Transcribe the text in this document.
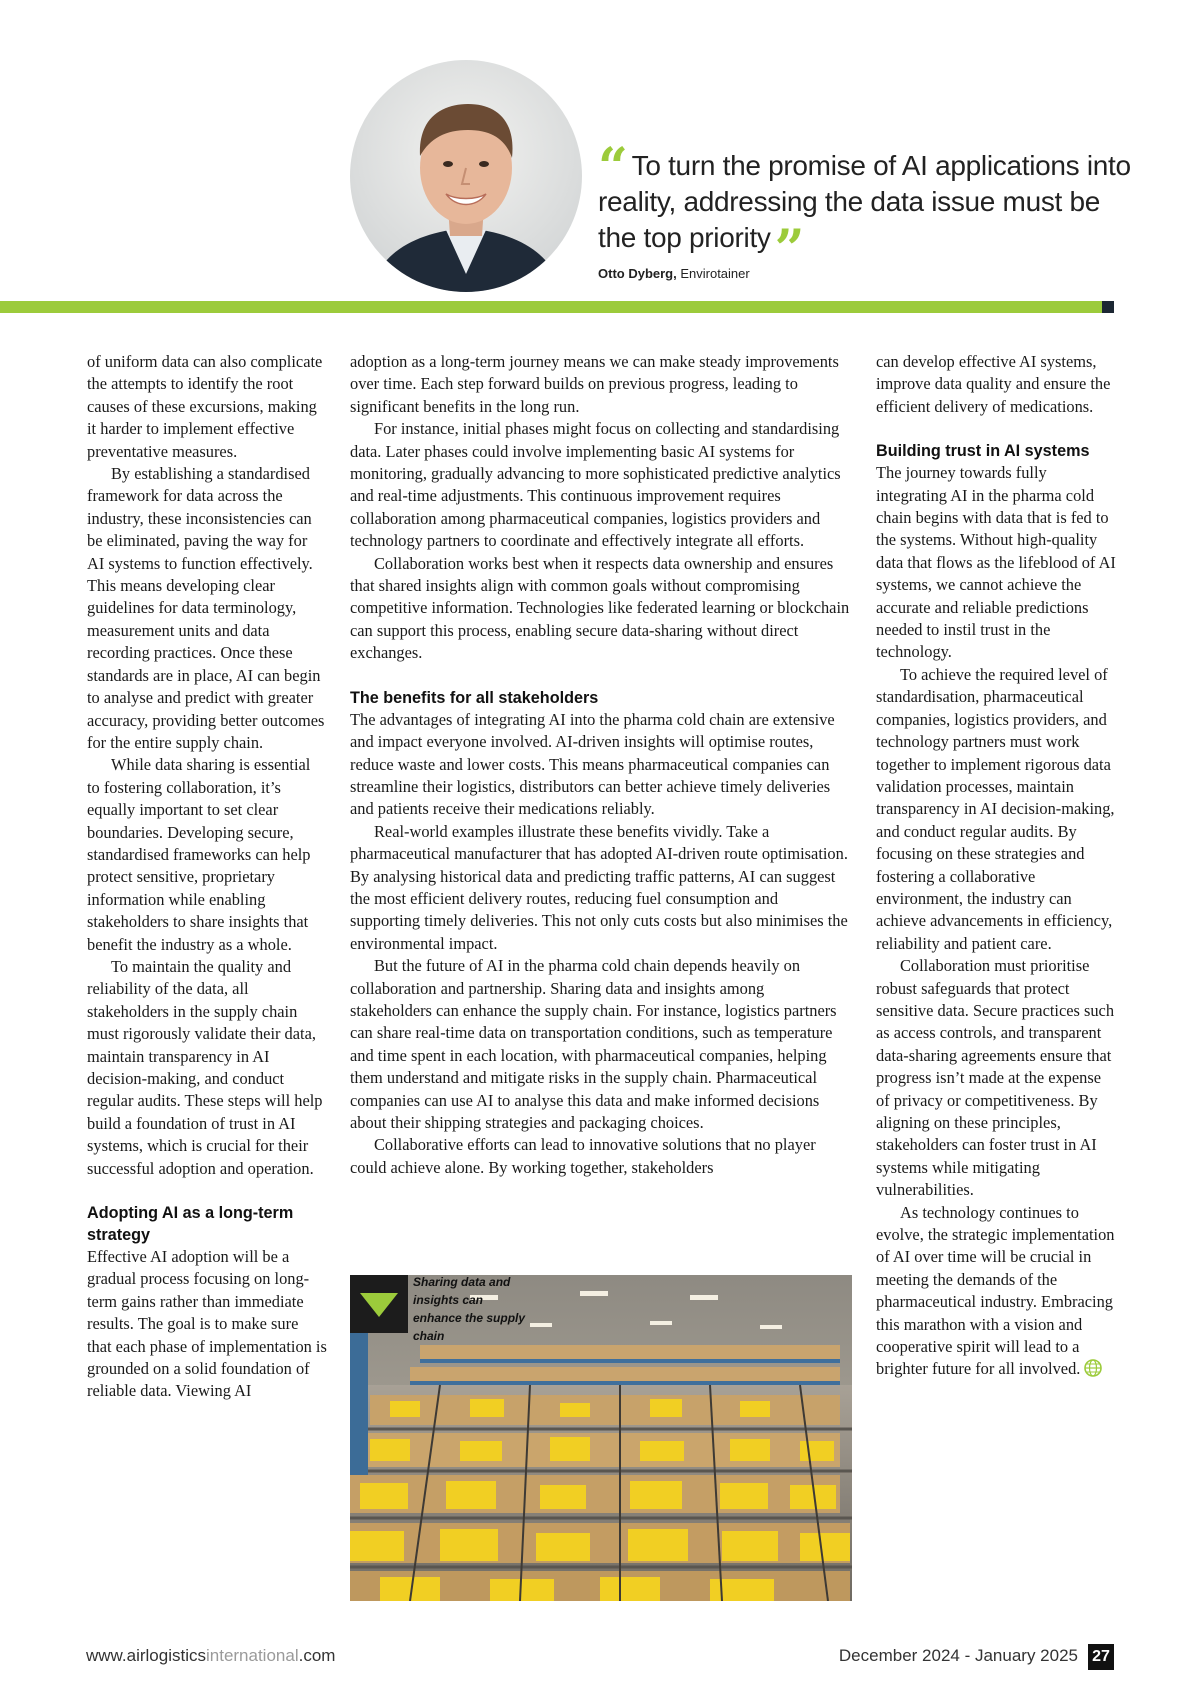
“ To turn the promise of AI applications into reality, addressing the data issue must be the top priority”
Otto Dyberg, Envirotainer

of uniform data can also complicate the attempts to identify the root causes of these excursions, making it harder to implement effective preventative measures.

By establishing a standardised framework for data across the industry, these inconsistencies can be eliminated, paving the way for AI systems to function effectively. This means developing clear guidelines for data terminology, measurement units and data recording practices. Once these standards are in place, AI can begin to analyse and predict with greater accuracy, providing better outcomes for the entire supply chain.

While data sharing is essential to fostering collaboration, it’s equally important to set clear boundaries. Developing secure, standardised frameworks can help protect sensitive, proprietary information while enabling stakeholders to share insights that benefit the industry as a whole.

To maintain the quality and reliability of the data, all stakeholders in the supply chain must rigorously validate their data, maintain transparency in AI decision-making, and conduct regular audits. These steps will help build a foundation of trust in AI systems, which is crucial for their successful adoption and operation.

Adopting AI as a long-term strategy

Effective AI adoption will be a gradual process focusing on long-term gains rather than immediate results. The goal is to make sure that each phase of implementation is grounded on a solid foundation of reliable data. Viewing AI

adoption as a long-term journey means we can make steady improvements over time. Each step forward builds on previous progress, leading to significant benefits in the long run.

For instance, initial phases might focus on collecting and standardising data. Later phases could involve implementing basic AI systems for monitoring, gradually advancing to more sophisticated predictive analytics and real-time adjustments. This continuous improvement requires collaboration among pharmaceutical companies, logistics providers and technology partners to coordinate and effectively integrate all efforts.

Collaboration works best when it respects data ownership and ensures that shared insights align with common goals without compromising competitive information. Technologies like federated learning or blockchain can support this process, enabling secure data-sharing without direct exchanges.

The benefits for all stakeholders

The advantages of integrating AI into the pharma cold chain are extensive and impact everyone involved. AI-driven insights will optimise routes, reduce waste and lower costs. This means pharmaceutical companies can streamline their logistics, distributors can better achieve timely deliveries and patients receive their medications reliably.

Real-world examples illustrate these benefits vividly. Take a pharmaceutical manufacturer that has adopted AI-driven route optimisation. By analysing historical data and predicting traffic patterns, AI can suggest the most efficient delivery routes, reducing fuel consumption and supporting timely deliveries. This not only cuts costs but also minimises the environmental impact.

But the future of AI in the pharma cold chain depends heavily on collaboration and partnership. Sharing data and insights among stakeholders can enhance the supply chain. For instance, logistics partners can share real-time data on transportation conditions, such as temperature and time spent in each location, with pharmaceutical companies, helping them understand and mitigate risks in the supply chain. Pharmaceutical companies can use AI to analyse this data and make informed decisions about their shipping strategies and packaging choices.

Collaborative efforts can lead to innovative solutions that no player could achieve alone. By working together, stakeholders

Sharing data and insights can enhance the supply chain

can develop effective AI systems, improve data quality and ensure the efficient delivery of medications.

Building trust in AI systems

The journey towards fully integrating AI in the pharma cold chain begins with data that is fed to the systems. Without high-quality data that flows as the lifeblood of AI systems, we cannot achieve the accurate and reliable predictions needed to instil trust in the technology.

To achieve the required level of standardisation, pharmaceutical companies, logistics providers, and technology partners must work together to implement rigorous data validation processes, maintain transparency in AI decision-making, and conduct regular audits. By focusing on these strategies and fostering a collaborative environment, the industry can achieve advancements in efficiency, reliability and patient care.

Collaboration must prioritise robust safeguards that protect sensitive data. Secure practices such as access controls, and transparent data-sharing agreements ensure that progress isn’t made at the expense of privacy or competitiveness. By aligning on these principles, stakeholders can foster trust in AI systems while mitigating vulnerabilities.

As technology continues to evolve, the strategic implementation of AI over time will be crucial in meeting the demands of the pharmaceutical industry. Embracing this marathon with a vision and cooperative spirit will lead to a brighter future for all involved.

www.airlogisticsinternational.com	December 2024 - January 2025 27
